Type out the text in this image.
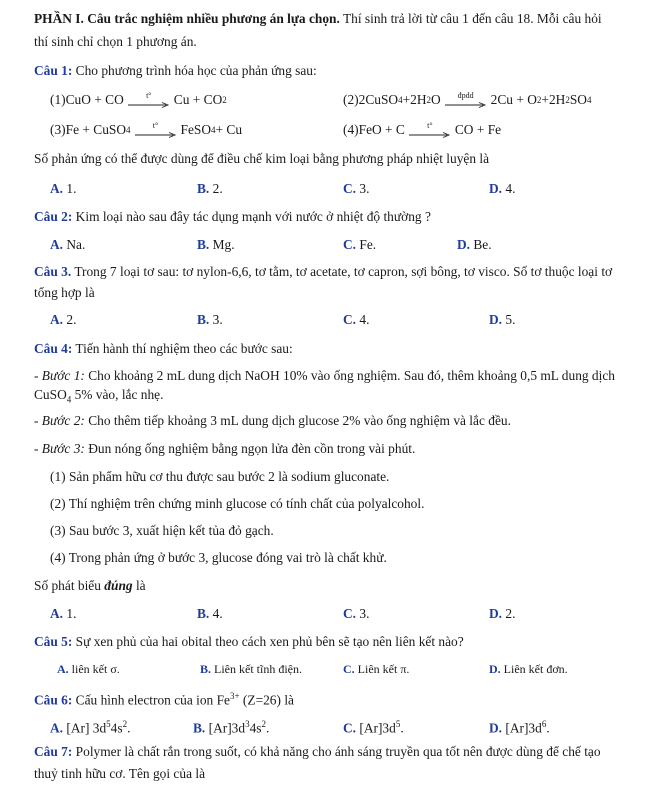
PHẦN I. Câu trắc nghiệm nhiều phương án lựa chọn. Thí sinh trả lời từ câu 1 đến câu 18. Mỗi câu hỏi
thí sinh chỉ chọn 1 phương án.
Câu 1: Cho phương trình hóa học của phản ứng sau:
(1) CuO + CO	t°	Cu + CO 2	(2) 2CuSO 4 +2H 2 O	đpdd	2Cu + O 2 +2H 2 SO 4
(3) Fe + CuSO 4	t°	FeSO 4 + Cu	(4) FeO + C	t°	CO + Fe
Số phản ứng có thể được dùng để điều chế kim loại bằng phương pháp nhiệt luyện là
A. 1.	B. 2.	C. 3.	D. 4.
Câu 2: Kim loại nào sau đây tác dụng mạnh với nước ở nhiệt độ thường ?
A. Na.	B. Mg.	C. Fe.	D. Be.
Câu 3. Trong 7 loại tơ sau: tơ nylon-6,6, tơ tằm, tơ acetate, tơ capron, sợi bông, tơ visco. Số tơ thuộc loại tơ
tổng hợp là
A. 2.	B. 3.	C. 4.	D. 5.
Câu 4: Tiến hành thí nghiệm theo các bước sau:
- Bước 1: Cho khoảng 2 mL dung dịch NaOH 10% vào ống nghiệm. Sau đó, thêm khoảng 0,5 mL dung dịch
CuSO$_4$ 5% vào, lắc nhẹ.
- Bước 2: Cho thêm tiếp khoảng 3 mL dung dịch glucose 2% vào ống nghiệm và lắc đều.
- Bước 3: Đun nóng ống nghiệm bằng ngọn lửa đèn cồn trong vài phút.
(1) Sản phẩm hữu cơ thu được sau bước 2 là sodium gluconate.
(2) Thí nghiệm trên chứng minh glucose có tính chất của polyalcohol.
(3) Sau bước 3, xuất hiện kết tủa đỏ gạch.
(4) Trong phản ứng ở bước 3, glucose đóng vai trò là chất khử.
Số phát biểu đúng là
A. 1.	B. 4.	C. 3.	D. 2.
Câu 5: Sự xen phủ của hai obital theo cách xen phủ bên sẽ tạo nên liên kết nào?
A. liên kết σ.	B. Liên kết tĩnh điện.	C. Liên kết π.	D. Liên kết đơn.
Câu 6: Cấu hình electron của ion $Fe^{3+}$ (Z=26) là
A. [Ar] $3d^54s^2$.	B. $[Ar]3d^34s^2$.	C. $[Ar]3d^5$.	D. $[Ar]3d^6$.
Câu 7: Polymer là chất rắn trong suốt, có khả năng cho ánh sáng truyền qua tốt nên được dùng để chế tạo
thuỷ tinh hữu cơ. Tên gọi của là
